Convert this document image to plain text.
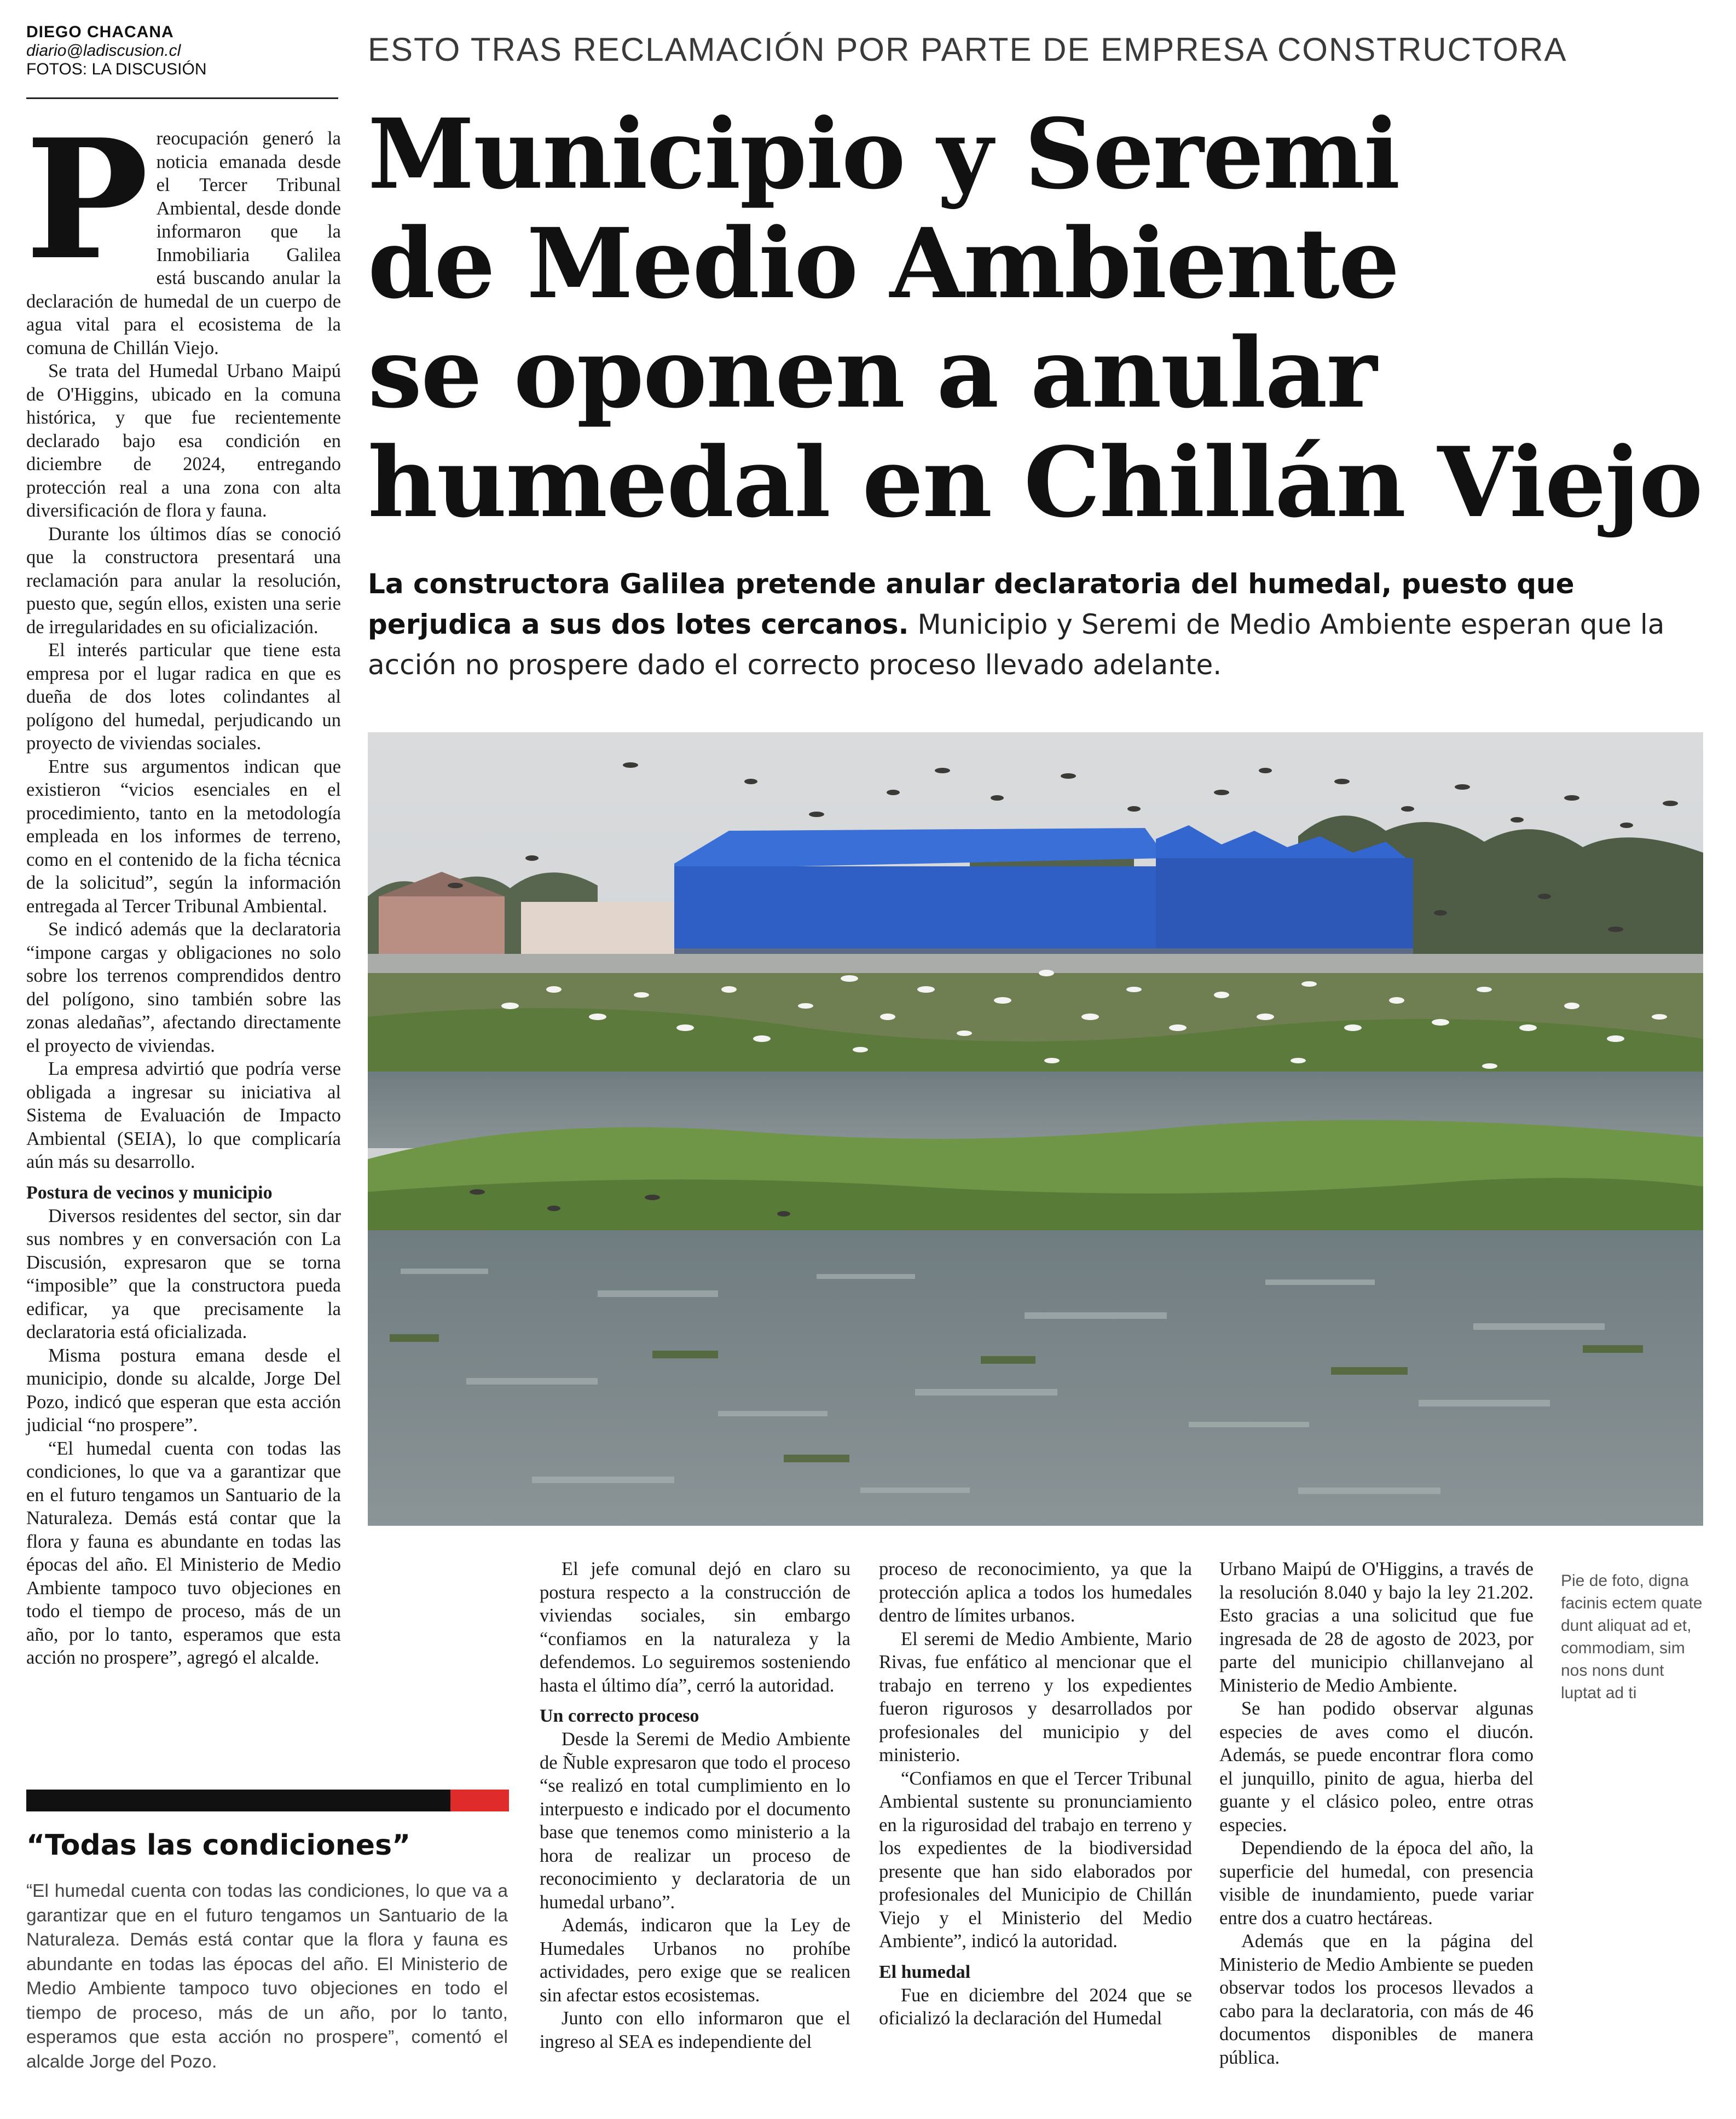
DIEGO CHACANA
diario@ladiscusion.cl
FOTOS: LA DISCUSIÓN
ESTO TRAS RECLAMACIÓN POR PARTE DE EMPRESA CONSTRUCTORA
Municipio y Seremi
de Medio Ambiente
se oponen a anular
humedal en Chillán Viejo
La constructora Galilea pretende anular declaratoria del humedal, puesto que perjudica a sus dos lotes cercanos. Municipio y Seremi de Medio Ambiente esperan que la acción no prospere dado el correcto proceso llevado adelante.
P reocupación generó la noticia emanada desde el Tercer Tribunal Ambiental, desde donde informaron que la Inmobiliaria Galilea está buscando anular la declaración de humedal de un cuerpo de agua vital para el ecosistema de la comuna de Chillán Viejo.

Se trata del Humedal Urbano Maipú de O'Higgins, ubicado en la comuna histórica, y que fue recientemente declarado bajo esa condición en diciembre de 2024, entregando protección real a una zona con alta diversificación de flora y fauna.

Durante los últimos días se conoció que la constructora presentará una reclamación para anular la resolución, puesto que, según ellos, existen una serie de irregularidades en su oficialización.

El interés particular que tiene esta empresa por el lugar radica en que es dueña de dos lotes colindantes al polígono del humedal, perjudicando un proyecto de viviendas sociales.

Entre sus argumentos indican que existieron “vicios esenciales en el procedimiento, tanto en la metodología empleada en los informes de terreno, como en el contenido de la ficha técnica de la solicitud”, según la información entregada al Tercer Tribunal Ambiental.

Se indicó además que la declaratoria “impone cargas y obligaciones no solo sobre los terrenos comprendidos dentro del polígono, sino también sobre las zonas aledañas”, afectando directamente el proyecto de viviendas.

La empresa advirtió que podría verse obligada a ingresar su iniciativa al Sistema de Evaluación de Impacto Ambiental (SEIA), lo que complicaría aún más su desarrollo.

Postura de vecinos y municipio

Diversos residentes del sector, sin dar sus nombres y en conversación con La Discusión, expresaron que se torna “imposible” que la constructora pueda edificar, ya que precisamente la declaratoria está oficializada.

Misma postura emana desde el municipio, donde su alcalde, Jorge Del Pozo, indicó que esperan que esta acción judicial “no prospere”.

“El humedal cuenta con todas las condiciones, lo que va a garantizar que en el futuro tengamos un Santuario de la Naturaleza. Demás está contar que la flora y fauna es abundante en todas las épocas del año. El Ministerio de Medio Ambiente tampoco tuvo objeciones en todo el tiempo de proceso, más de un año, por lo tanto, esperamos que esta acción no prospere”, agregó el alcalde.

El jefe comunal dejó en claro su postura respecto a la construcción de viviendas sociales, sin embargo “confiamos en la naturaleza y la defendemos. Lo seguiremos sosteniendo hasta el último día”, cerró la autoridad.

Un correcto proceso

Desde la Seremi de Medio Ambiente de Ñuble expresaron que todo el proceso “se realizó en total cumplimiento en lo interpuesto e indicado por el documento base que tenemos como ministerio a la hora de realizar un proceso de reconocimiento y declaratoria de un humedal urbano”.

Además, indicaron que la Ley de Humedales Urbanos no prohíbe actividades, pero exige que se realicen sin afectar estos ecosistemas.

Junto con ello informaron que el ingreso al SEA es independiente del

proceso de reconocimiento, ya que la protección aplica a todos los humedales dentro de límites urbanos.

El seremi de Medio Ambiente, Mario Rivas, fue enfático al mencionar que el trabajo en terreno y los expedientes fueron rigurosos y desarrollados por profesionales del municipio y del ministerio.

“Confiamos en que el Tercer Tribunal Ambiental sustente su pronunciamiento en la rigurosidad del trabajo en terreno y los expedientes de la biodiversidad presente que han sido elaborados por profesionales del Municipio de Chillán Viejo y el Ministerio del Medio Ambiente”, indicó la autoridad.

El humedal

Fue en diciembre del 2024 que se oficializó la declaración del Humedal

Urbano Maipú de O'Higgins, a través de la resolución 8.040 y bajo la ley 21.202. Esto gracias a una solicitud que fue ingresada de 28 de agosto de 2023, por parte del municipio chillanvejano al Ministerio de Medio Ambiente.

Se han podido observar algunas especies de aves como el diucón. Además, se puede encontrar flora como el junquillo, pinito de agua, hierba del guante y el clásico poleo, entre otras especies.

Dependiendo de la época del año, la superficie del humedal, con presencia visible de inundamiento, puede variar entre dos a cuatro hectáreas.

Además que en la página del Ministerio de Medio Ambiente se pueden observar todos los procesos llevados a cabo para la declaratoria, con más de 46 documentos disponibles de manera pública.

Pie de foto, digna facinis ectem quate dunt aliquat ad et, commodiam, sim nos nons dunt luptat ad ti
“Todas las condiciones”
“El humedal cuenta con todas las condiciones, lo que va a garantizar que en el futuro tengamos un Santuario de la Naturaleza. Demás está contar que la flora y fauna es abundante en todas las épocas del año. El Ministerio de Medio Ambiente tampoco tuvo objeciones en todo el tiempo de proceso, más de un año, por lo tanto, esperamos que esta acción no prospere”, comentó el alcalde Jorge del Pozo.
